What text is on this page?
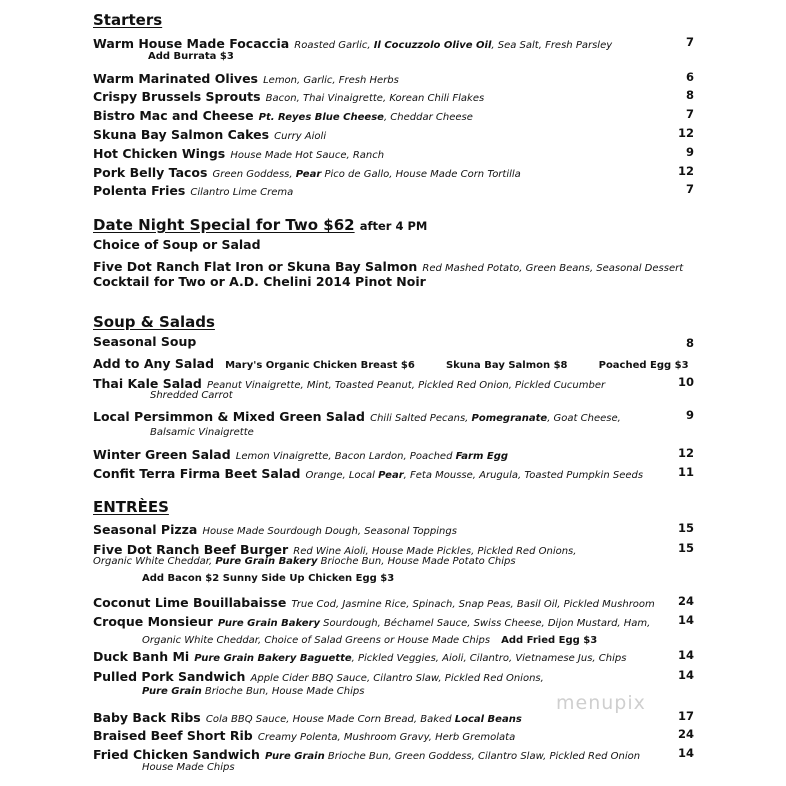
Starters
Warm House Made Focaccia Roasted Garlic, Il Cocuzzolo Olive Oil, Sea Salt, Fresh Parsley	7
Add Burrata $3
Warm Marinated Olives Lemon, Garlic, Fresh Herbs	6
Crispy Brussels Sprouts Bacon, Thai Vinaigrette, Korean Chili Flakes	8
Bistro Mac and Cheese Pt. Reyes Blue Cheese, Cheddar Cheese	7
Skuna Bay Salmon Cakes Curry Aioli	12
Hot Chicken Wings House Made Hot Sauce, Ranch	9
Pork Belly Tacos Green Goddess, Pear Pico de Gallo, House Made Corn Tortilla	12
Polenta Fries Cilantro Lime Crema	7
Date Night Special for Two $62 after 4 PM
Choice of Soup or Salad
Five Dot Ranch Flat Iron or Skuna Bay Salmon Red Mashed Potato, Green Beans, Seasonal Dessert
Cocktail for Two or A.D. Chelini 2014 Pinot Noir
Soup & Salads
Seasonal Soup	8
Add to Any Salad Mary's Organic Chicken Breast $6	Skuna Bay Salmon $8	Poached Egg $3
Thai Kale Salad Peanut Vinaigrette, Mint, Toasted Peanut, Pickled Red Onion, Pickled Cucumber	10
Shredded Carrot
Local Persimmon & Mixed Green Salad Chili Salted Pecans, Pomegranate, Goat Cheese,	9
Balsamic Vinaigrette
Winter Green Salad Lemon Vinaigrette, Bacon Lardon, Poached Farm Egg	12
Confit Terra Firma Beet Salad Orange, Local Pear, Feta Mousse, Arugula, Toasted Pumpkin Seeds	11
ENTRÈES
Seasonal Pizza House Made Sourdough Dough, Seasonal Toppings	15
Five Dot Ranch Beef Burger Red Wine Aioli, House Made Pickles, Pickled Red Onions,	15
Organic White Cheddar, Pure Grain Bakery Brioche Bun, House Made Potato Chips
Add Bacon $2 Sunny Side Up Chicken Egg $3
Coconut Lime Bouillabaisse True Cod, Jasmine Rice, Spinach, Snap Peas, Basil Oil, Pickled Mushroom	24
Croque Monsieur Pure Grain Bakery Sourdough, Béchamel Sauce, Swiss Cheese, Dijon Mustard, Ham,	14
Organic White Cheddar, Choice of Salad Greens or House Made Chips Add Fried Egg $3
Duck Banh Mi Pure Grain Bakery Baguette, Pickled Veggies, Aioli, Cilantro, Vietnamese Jus, Chips	14
Pulled Pork Sandwich Apple Cider BBQ Sauce, Cilantro Slaw, Pickled Red Onions,	14
Pure Grain Brioche Bun, House Made Chips
menupix
Baby Back Ribs Cola BBQ Sauce, House Made Corn Bread, Baked Local Beans	17
Braised Beef Short Rib Creamy Polenta, Mushroom Gravy, Herb Gremolata	24
Fried Chicken Sandwich Pure Grain Brioche Bun, Green Goddess, Cilantro Slaw, Pickled Red Onion	14
House Made Chips
